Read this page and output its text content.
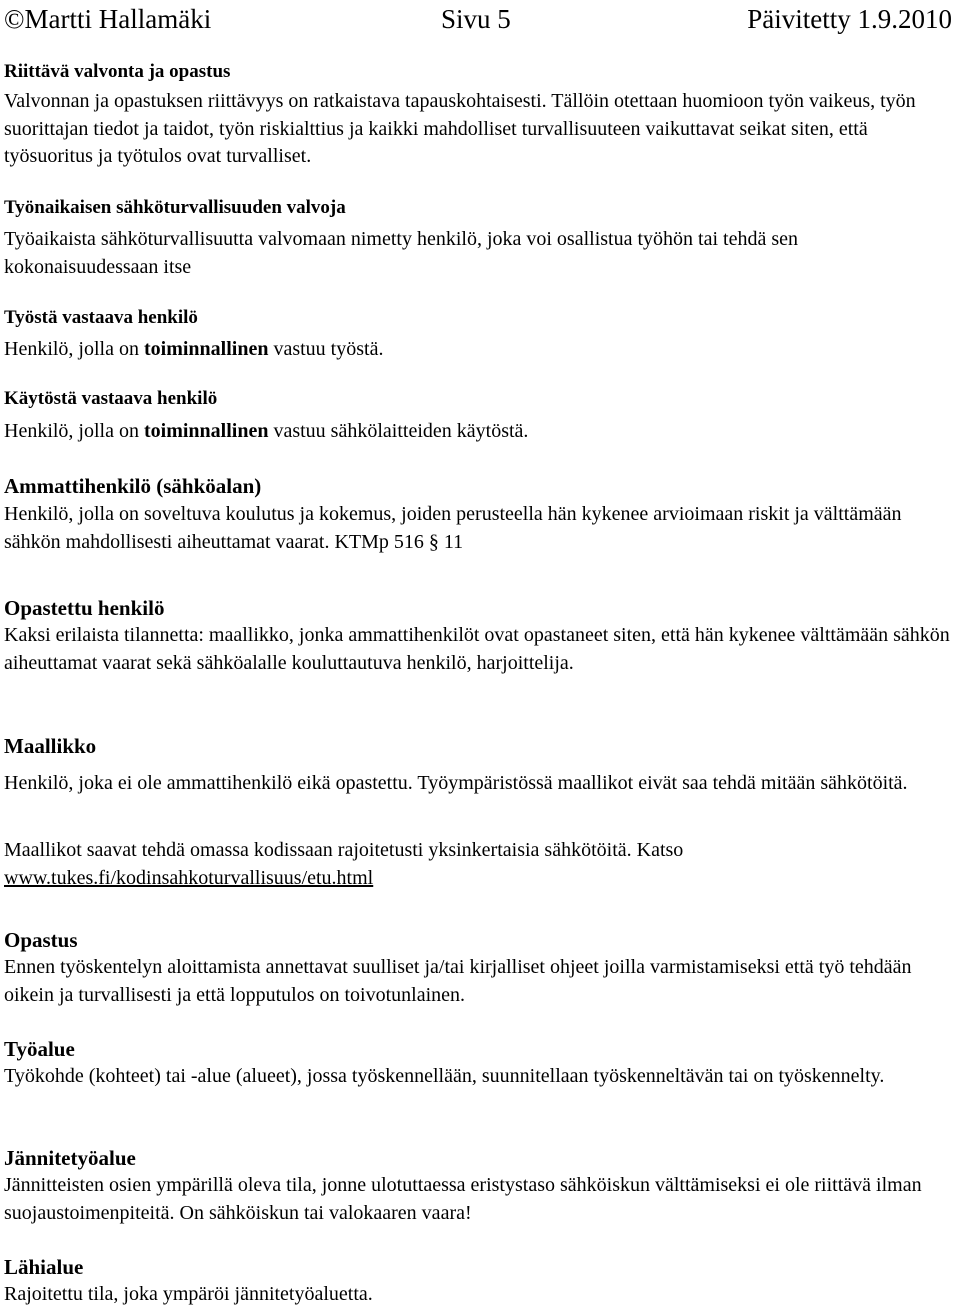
©Martti Hallamäki	Sivu 5	Päivitetty 1.9.2010
Riittävä valvonta ja opastus
Valvonnan ja opastuksen riittävyys on ratkaistava tapauskohtaisesti. Tällöin otettaan huomioon työn vaikeus, työn suorittajan tiedot ja taidot, työn riskialttius ja kaikki mahdolliset turvallisuuteen vaikuttavat seikat siten, että työsuoritus ja työtulos ovat turvalliset.
Työnaikaisen sähköturvallisuuden valvoja
Työaikaista sähköturvallisuutta valvomaan nimetty henkilö, joka voi osallistua työhön tai tehdä sen kokonaisuudessaan itse
Työstä vastaava henkilö
Henkilö, jolla on toiminnallinen vastuu työstä.
Käytöstä vastaava henkilö
Henkilö, jolla on toiminnallinen vastuu sähkölaitteiden käytöstä.
Ammattihenkilö (sähköalan)
Henkilö, jolla on soveltuva koulutus ja kokemus, joiden perusteella hän kykenee arvioimaan riskit ja välttämään sähkön mahdollisesti aiheuttamat vaarat. KTMp 516 § 11
Opastettu henkilö
Kaksi erilaista tilannetta: maallikko, jonka ammattihenkilöt ovat opastaneet siten, että hän kykenee välttämään sähkön aiheuttamat vaarat sekä sähköalalle kouluttautuva henkilö, harjoittelija.
Maallikko
Henkilö, joka ei ole ammattihenkilö eikä opastettu. Työympäristössä maallikot eivät saa tehdä mitään sähkötöitä.
Maallikot saavat tehdä omassa kodissaan rajoitetusti yksinkertaisia sähkötöitä. Katso
www.tukes.fi/kodinsahkoturvallisuus/etu.html
Opastus
Ennen työskentelyn aloittamista annettavat suulliset ja/tai kirjalliset ohjeet joilla varmistamiseksi että työ tehdään oikein ja turvallisesti ja että lopputulos on toivotunlainen.
Työalue
Työkohde (kohteet) tai -alue (alueet), jossa työskennellään, suunnitellaan työskenneltävän tai on työskennelty.
Jännitetyöalue
Jännitteisten osien ympärillä oleva tila, jonne ulotuttaessa eristystaso sähköiskun välttämiseksi ei ole riittävä ilman suojaustoimenpiteitä. On sähköiskun tai valokaaren vaara!
Lähialue
Rajoitettu tila, joka ympäröi jännitetyöaluetta.
